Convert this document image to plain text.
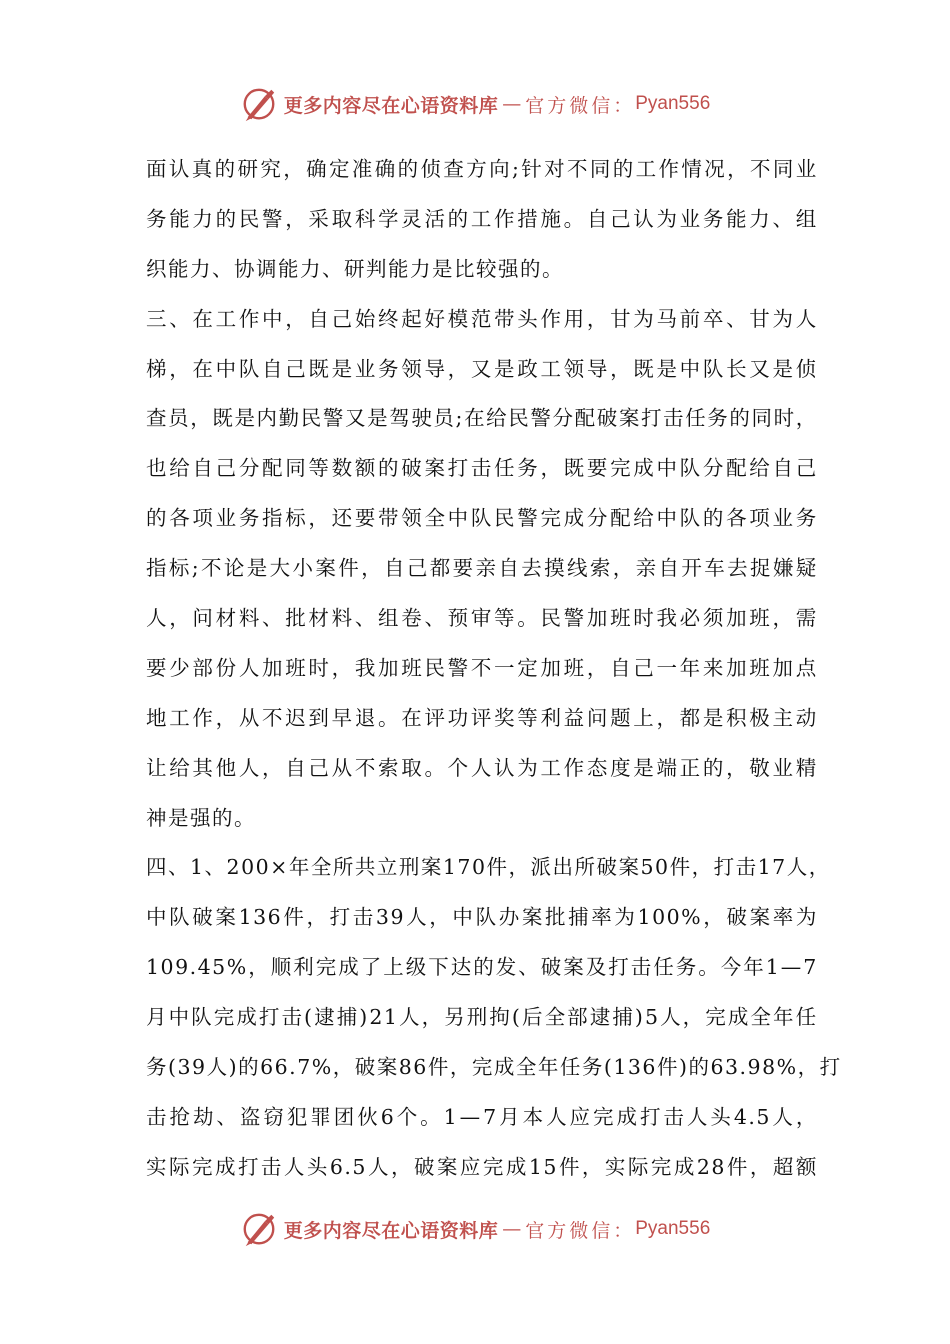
更多内容尽在心语资料库 — 官方微信： Pyan556
面 认 真 的 研 究 ， 确 定 准 确 的 侦 查 方 向 ; 针 对 不 同 的 工 作 情 况 ， 不 同 业
务 能 力 的 民 警 ， 采 取 科 学 灵 活 的 工 作 措 施 。 自 己 认 为 业 务 能 力 、 组
织能力、协调能力、研判能力是比较强的。
三 、 在 工 作 中 ， 自 己 始 终 起 好 模 范 带 头 作 用 ， 甘 为 马 前 卒 、 甘 为 人
梯 ， 在 中 队 自 己 既 是 业 务 领 导 ， 又 是 政 工 领 导 ， 既 是 中 队 长 又 是 侦
查 员 ， 既 是 内 勤 民 警 又 是 驾 驶 员 ; 在 给 民 警 分 配 破 案 打 击 任 务 的 同 时 ，
也 给 自 己 分 配 同 等 数 额 的 破 案 打 击 任 务 ， 既 要 完 成 中 队 分 配 给 自 己
的 各 项 业 务 指 标 ， 还 要 带 领 全 中 队 民 警 完 成 分 配 给 中 队 的 各 项 业 务
指 标 ; 不 论 是 大 小 案 件 ， 自 己 都 要 亲 自 去 摸 线 索 ， 亲 自 开 车 去 捉 嫌 疑
人 ， 问 材 料 、 批 材 料 、 组 卷 、 预 审 等 。 民 警 加 班 时 我 必 须 加 班 ， 需
要 少 部 份 人 加 班 时 ， 我 加 班 民 警 不 一 定 加 班 ， 自 己 一 年 来 加 班 加 点
地 工 作 ， 从 不 迟 到 早 退 。 在 评 功 评 奖 等 利 益 问 题 上 ， 都 是 积 极 主 动
让 给 其 他 人 ， 自 己 从 不 索 取 。 个 人 认 为 工 作 态 度 是 端 正 的 ， 敬 业 精
神是强的。
四 、 1 、 200× 年 全 所 共 立 刑 案 170 件 ， 派 出 所 破 案 50 件 ， 打 击 17 人 ，
中 队 破 案 136 件 ， 打 击 39 人 ， 中 队 办 案 批 捕 率 为 100% ， 破 案 率 为
109.45% ， 顺 利 完 成 了 上 级 下 达 的 发 、 破 案 及 打 击 任 务 。 今 年 1 — 7
月 中 队 完 成 打 击 ( 逮 捕 ) 21 人 ， 另 刑 拘 ( 后 全 部 逮 捕 ) 5 人 ， 完 成 全 年 任
务 ( 39 人 ) 的 66.7% ， 破 案 86 件 ， 完 成 全 年 任 务 ( 136 件 ) 的 63.98% ， 打
击 抢 劫 、 盗 窃 犯 罪 团 伙 6 个 。 1 — 7 月 本 人 应 完 成 打 击 人 头 4.5 人 ，
实 际 完 成 打 击 人 头 6.5 人 ， 破 案 应 完 成 15 件 ， 实 际 完 成 28 件 ， 超 额
更多内容尽在心语资料库 — 官方微信： Pyan556
